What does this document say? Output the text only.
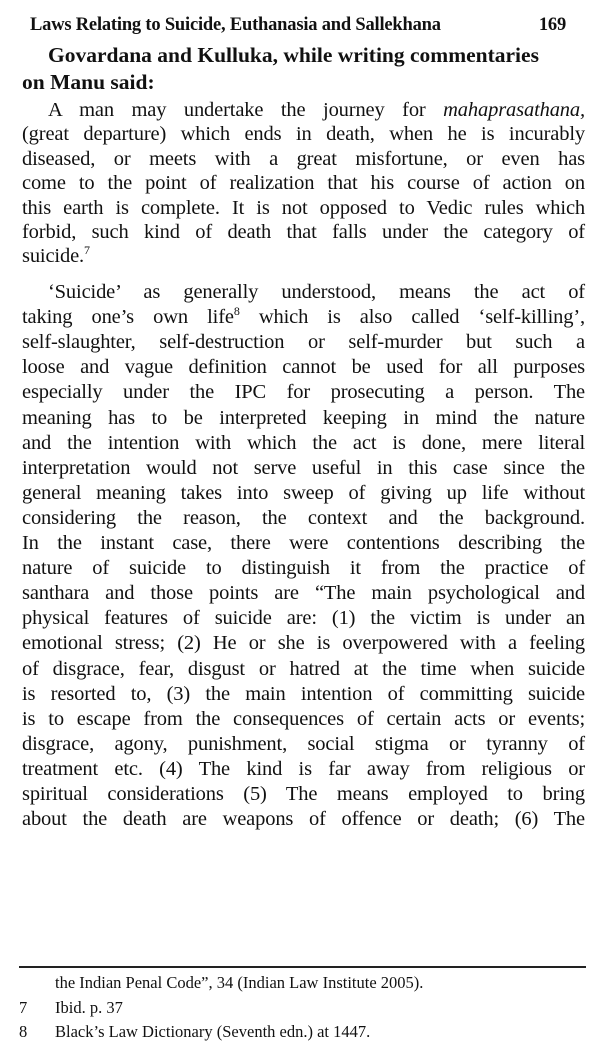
Laws Relating to Suicide, Euthanasia and Sallekhana	169
Govardana and Kulluka, while writing commentaries
on Manu said:
A man may undertake the journey for mahaprasathana,
(great departure) which ends in death, when he is incurably
diseased, or meets with a great misfortune, or even has
come to the point of realization that his course of action on
this earth is complete. It is not opposed to Vedic rules which
forbid, such kind of death that falls under the category of
suicide.$^7$
‘Suicide’ as generally understood, means the act of
taking one’s own life$^8$ which is also called ‘self-killing’,
self-slaughter, self-destruction or self-murder but such a
loose and vague definition cannot be used for all purposes
especially under the IPC for prosecuting a person. The
meaning has to be interpreted keeping in mind the nature
and the intention with which the act is done, mere literal
interpretation would not serve useful in this case since the
general meaning takes into sweep of giving up life without
considering the reason, the context and the background.
In the instant case, there were contentions describing the
nature of suicide to distinguish it from the practice of
santhara and those points are “The main psychological and
physical features of suicide are: (1) the victim is under an
emotional stress; (2) He or she is overpowered with a feeling
of disgrace, fear, disgust or hatred at the time when suicide
is resorted to, (3) the main intention of committing suicide
is to escape from the consequences of certain acts or events;
disgrace, agony, punishment, social stigma or tyranny of
treatment etc. (4) The kind is far away from religious or
spiritual considerations (5) The means employed to bring
about the death are weapons of offence or death; (6) The
the Indian Penal Code”, 34 (Indian Law Institute 2005).
7 Ibid. p. 37
8 Black’s Law Dictionary (Seventh edn.) at 1447.
